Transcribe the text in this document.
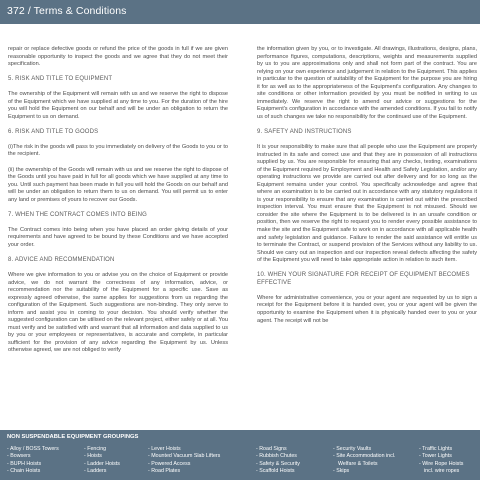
372 / Terms & Conditions

repair or replace defective goods or refund the price of the goods in full if we are given reasonable opportunity to inspect the goods and we agree that they do not meet their specification.

5. RISK AND TITLE TO EQUIPMENT

The ownership of the Equipment will remain with us and we reserve the right to dispose of the Equipment which we have supplied at any time to you. For the duration of the hire you will hold the Equipment on our behalf and will be under an obligation to return the Equipment to us on demand.

6. RISK AND TITLE TO GOODS

(i)The risk in the goods will pass to you immediately on delivery of the Goods to you or to the recipient.

(ii) the ownership of the Goods will remain with us and we reserve the right to dispose of the Goods until you have paid in full for all goods which we have supplied at any time to you. Until such payment has been made in full you will hold the Goods on our behalf and will be under an obligation to return them to us on demand. You will permit us to enter any land or premises of yours to recover our Goods.

7. WHEN THE CONTRACT COMES INTO BEING

The Contract comes into being when you have placed an order giving details of your requirements and have agreed to be bound by these Conditions and we have accepted your order.

8. ADVICE AND RECOMMENDATION

Where we give information to you or advise you on the choice of Equipment or provide advice, we do not warrant the correctness of any information, advice, or recommendation nor the suitability of the Equipment for a specific use. Save as expressly agreed otherwise, the same applies for suggestions from us regarding the configuration of the Equipment. Such suggestions are non-binding. They only serve to inform and assist you in coming to your decision. You should verify whether the suggested configuration can be utilised on the relevant project, either safely or at all. You must verify and be satisfied with and warrant that all information and data supplied to us by you or your employees or representatives, is accurate and complete, in particular sufficient for the provision of any advice regarding the Equipment by us. Unless otherwise agreed, we are not obliged to verify

the information given by you, or to investigate. All drawings, illustrations, designs, plans, performance figures, computations, descriptions, weights and measurements supplied by us to you are approximations only and shall not form part of the contract. You are relying on your own experience and judgement in relation to the Equipment. This applies in particular to the question of suitability of the Equipment for the purpose you are hiring it for as well as to the appropriateness of the Equipment's configuration. Any changes to site conditions or other information provided by you must be notified in writing to us immediately. We reserve the right to amend our advice or suggestions for the Equipment's configuration in accordance with the amended conditions. If you fail to notify us of such changes we take no responsibility for the continued use of the Equipment.

9. SAFETY AND INSTRUCTIONS

It is your responsibility to make sure that all people who use the Equipment are properly instructed in its safe and correct use and that they are in possession of all instructions supplied by us. You are responsible for ensuring that any checks, testing, examinations of the Equipment required by Employment and Health and Safety Legislation, and/or any operating instructions we provide are carried out after delivery and for so long as the Equipment remains under your control. You specifically acknowledge and agree that where an examination is to be carried out in accordance with any statutory regulations it is your responsibility to ensure that any examination is carried out within the prescribed inspection interval. You must ensure that the Equipment is not misused. Should we consider the site where the Equipment is to be delivered is in an unsafe condition or position, then we reserve the right to request you to render every possible assistance to make the site and the Equipment safe to work on in accordance with all applicable health and safety legislation and guidance. Failure to render the said assistance will entitle us to terminate the Contract, or suspend provision of the Services without any liability to us. Should we carry out an inspection and our inspection reveal defects affecting the safety of the Equipment you will need to take appropriate action in relation to such item.

10. WHEN YOUR SIGNATURE FOR RECEIPT OF EQUIPMENT BECOMES EFFECTIVE

Where for administrative convenience, you or your agent are requested by us to sign a receipt for the Equipment before it is handed over, you or your agent will be given the opportunity to examine the Equipment when it is physically handed over to you or your agent. The receipt will not be

NON SUSPENDABLE EQUIPMENT GROUPINGS
- Alloy / BOSS Towers
- Bowsers
- BUPH Hoists
- Chain Hoists
- Fencing
- Hoists
- Ladder Hoists
- Ladders
- Lever Hoists
- Mounted Vacuum Slab Lifters
- Powered Access
- Road Plates
- Road Signs
- Rubbish Chutes
- Safety & Security
- Scaffold Hoists
- Security Vaults
- Site Accommodation incl.
Welfare & Toilets
- Skips
- Traffic Lights
- Tower Lights
- Wire Rope Hoists
incl. wire ropes
